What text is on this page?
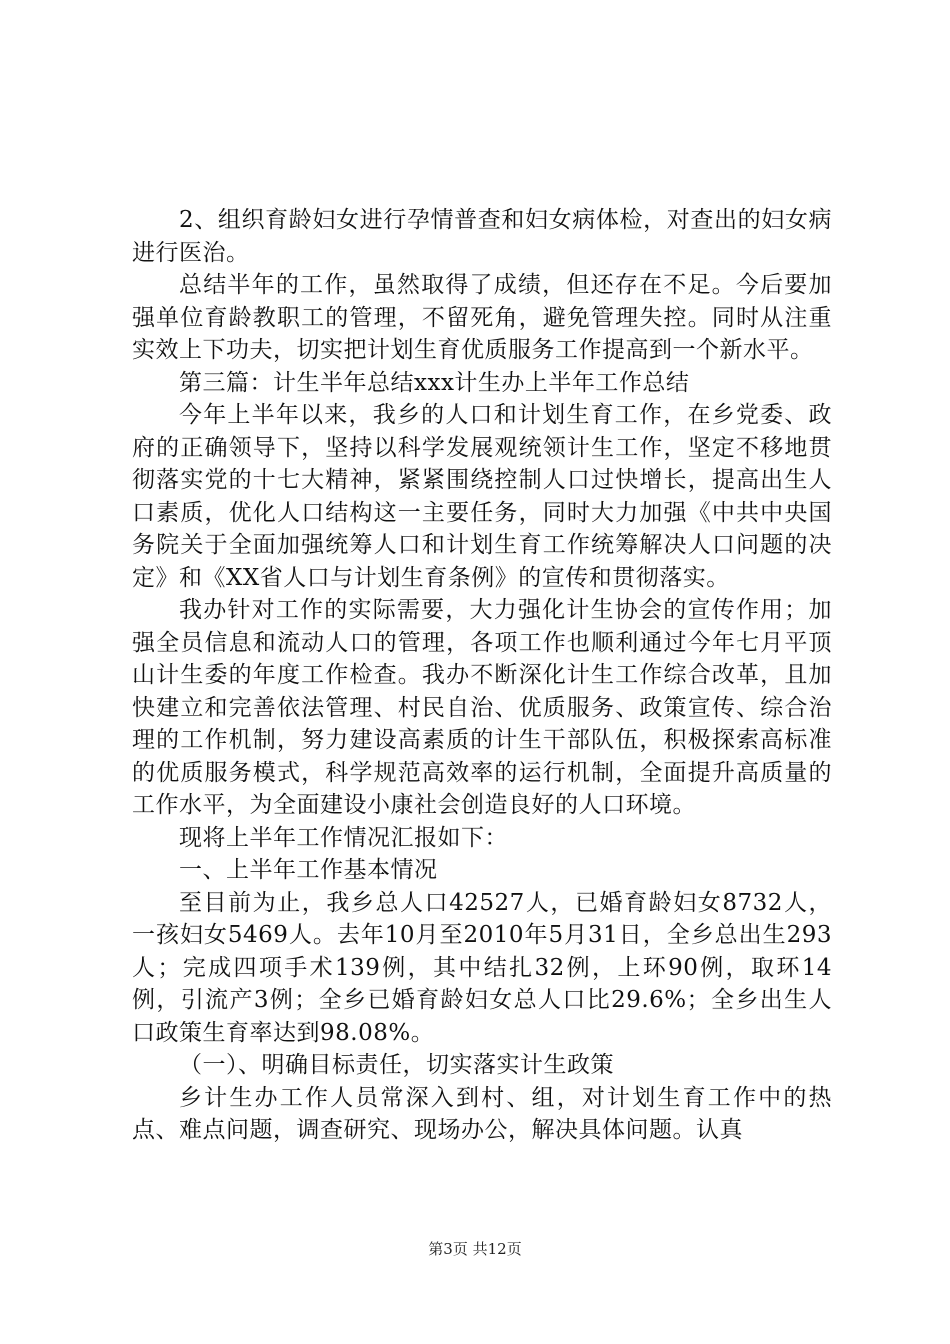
2、组织育龄妇女进行孕情普查和妇女病体检，对查出的妇女病进行医治。

总结半年的工作，虽然取得了成绩，但还存在不足。今后要加强单位育龄教职工的管理，不留死角，避免管理失控。同时从注重实效上下功夫，切实把计划生育优质服务工作提高到一个新水平。

第三篇：计生半年总结xxx计生办上半年工作总结

今年上半年以来，我乡的人口和计划生育工作，在乡党委、政府的正确领导下，坚持以科学发展观统领计生工作，坚定不移地贯彻落实党的十七大精神，紧紧围绕控制人口过快增长，提高出生人口素质，优化人口结构这一主要任务，同时大力加强《中共中央国务院关于全面加强统筹人口和计划生育工作统筹解决人口问题的决定》和《XX省人口与计划生育条例》的宣传和贯彻落实。

我办针对工作的实际需要，大力强化计生协会的宣传作用；加强全员信息和流动人口的管理，各项工作也顺利通过今年七月平顶山计生委的年度工作检查。我办不断深化计生工作综合改革，且加快建立和完善依法管理、村民自治、优质服务、政策宣传、综合治理的工作机制，努力建设高素质的计生干部队伍，积极探索高标准的优质服务模式，科学规范高效率的运行机制，全面提升高质量的工作水平，为全面建设小康社会创造良好的人口环境。

现将上半年工作情况汇报如下：

一、上半年工作基本情况

至目前为止，我乡总人口42527人，已婚育龄妇女8732人，一孩妇女5469人。去年10月至2010年5月31日，全乡总出生293人；完成四项手术139例，其中结扎32例，上环90例，取环14例，引流产3例；全乡已婚育龄妇女总人口比29.6%；全乡出生人口政策生育率达到98.08%。

（一）、明确目标责任，切实落实计生政策

乡计生办工作人员常深入到村、组，对计划生育工作中的热点、难点问题，调查研究、现场办公，解决具体问题。认真

第3页 共12页
